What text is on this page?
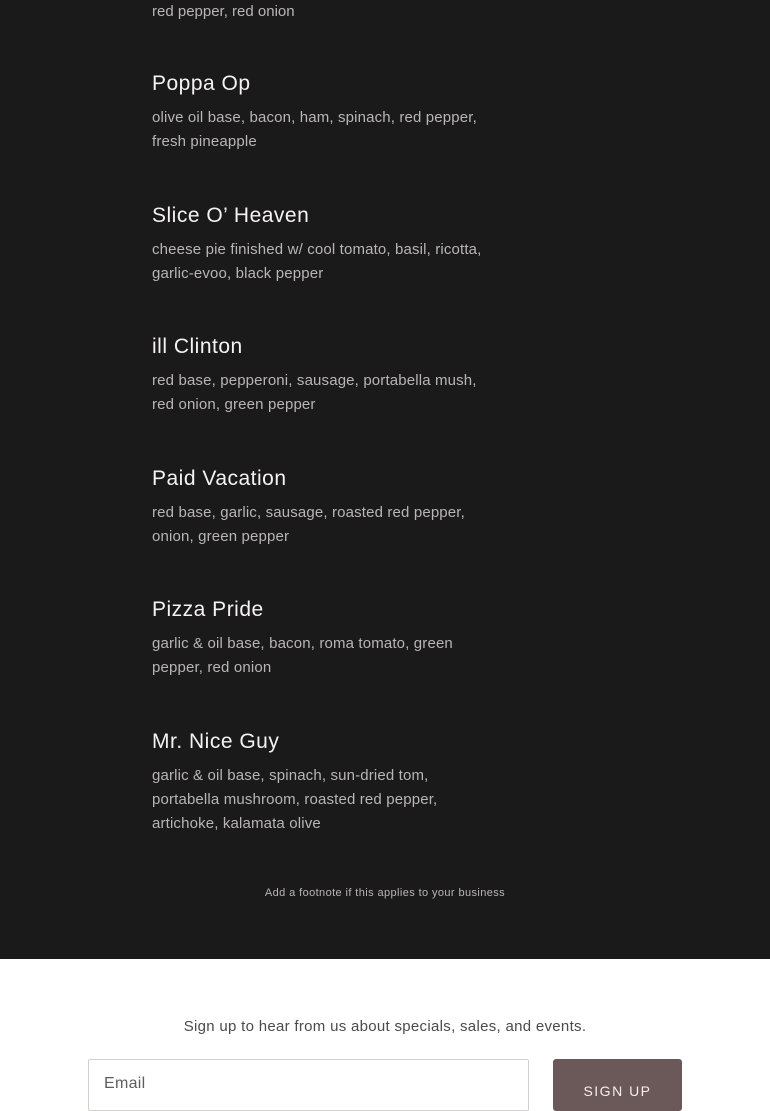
red pepper, red onion

Poppa Op

olive oil base, bacon, ham, spinach, red pepper, fresh pineapple

Slice O’ Heaven

cheese pie finished w/ cool tomato, basil, ricotta, garlic-evoo, black pepper

ill Clinton

red base, pepperoni, sausage, portabella mush, red onion, green pepper

Paid Vacation

red base, garlic, sausage, roasted red pepper, onion, green pepper

Pizza Pride

garlic & oil base, bacon, roma tomato, green pepper, red onion

Mr. Nice Guy

garlic & oil base, spinach, sun-dried tom, portabella mushroom, roasted red pepper, artichoke, kalamata olive

Add a footnote if this applies to your business
Sign up to hear from us about specials, sales, and events.
Email	SIGN UP
